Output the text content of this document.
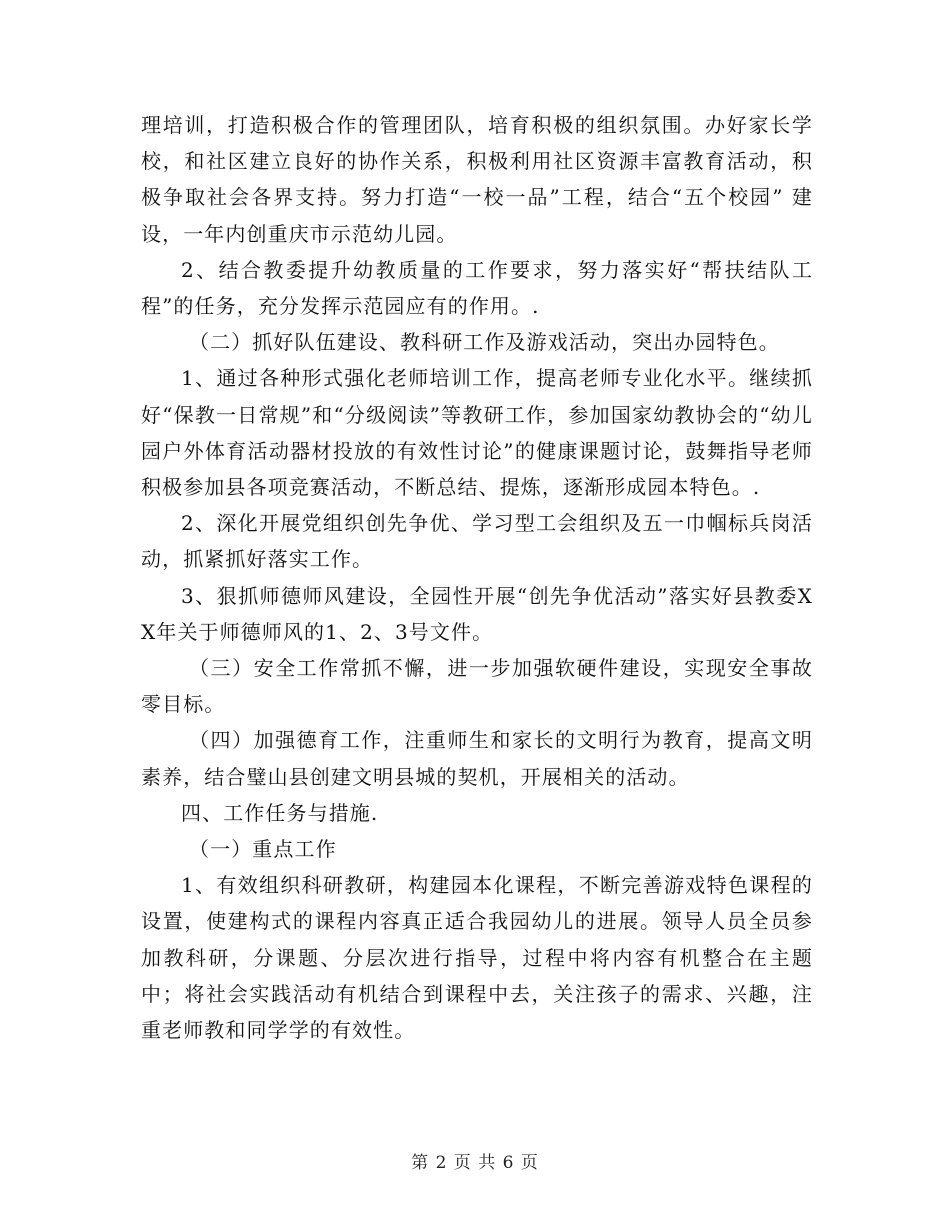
理培训，打造积极合作的管理团队，培育积极的组织氛围。办好家长学校，和社区建立良好的协作关系，积极利用社区资源丰富教育活动，积极争取社会各界支持。努力打造“一校一品”工程，结合“五个校园” 建设，一年内创重庆市示范幼儿园。

2、结合教委提升幼教质量的工作要求，努力落实好“帮扶结队工程”的任务，充分发挥示范园应有的作用。.

（二）抓好队伍建设、教科研工作及游戏活动，突出办园特色。

1、通过各种形式强化老师培训工作，提高老师专业化水平。继续抓好“保教一日常规”和“分级阅读”等教研工作，参加国家幼教协会的“幼儿园户外体育活动器材投放的有效性讨论”的健康课题讨论，鼓舞指导老师积极参加县各项竞赛活动，不断总结、提炼，逐渐形成园本特色。.

2、深化开展党组织创先争优、学习型工会组织及五一巾帼标兵岗活动，抓紧抓好落实工作。

3、狠抓师德师风建设，全园性开展“创先争优活动”落实好县教委XX年关于师德师风的1、2、3号文件。

（三）安全工作常抓不懈，进一步加强软硬件建设，实现安全事故零目标。

（四）加强德育工作，注重师生和家长的文明行为教育，提高文明素养，结合璧山县创建文明县城的契机，开展相关的活动。

四、工作任务与措施.

（一）重点工作

1、有效组织科研教研，构建园本化课程，不断完善游戏特色课程的设置，使建构式的课程内容真正适合我园幼儿的进展。领导人员全员参加教科研，分课题、分层次进行指导，过程中将内容有机整合在主题中；将社会实践活动有机结合到课程中去，关注孩子的需求、兴趣，注重老师教和同学学的有效性。

第 2 页 共 6 页
